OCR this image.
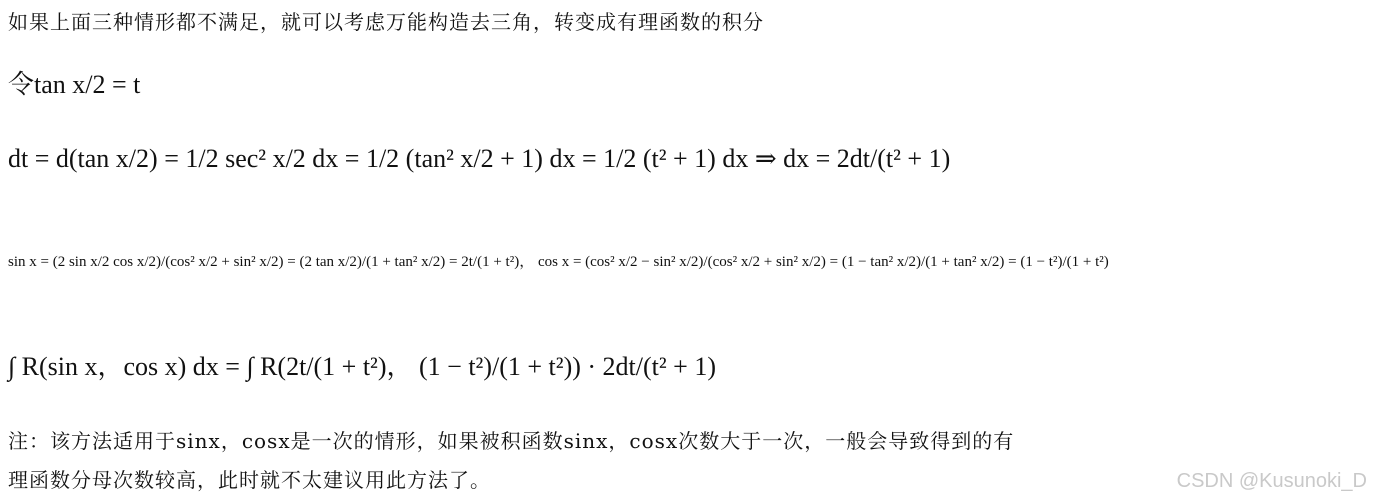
如果上面三种情形都不满足，就可以考虑万能构造去三角，转变成有理函数的积分
令tan x/2 = t
dt = d(tan x/2) = 1/2 sec² x/2 dx = 1/2 (tan² x/2 + 1) dx = 1/2 (t² + 1) dx ⇒ dx = 2dt/(t² + 1)
sin x = (2 sin x/2 cos x/2)/(cos² x/2 + sin² x/2) = (2 tan x/2)/(1 + tan² x/2) = 2t/(1 + t²)， cos x = (cos² x/2 − sin² x/2)/(cos² x/2 + sin² x/2) = (1 − tan² x/2)/(1 + tan² x/2) = (1 − t²)/(1 + t²)
∫ R(sin x，cos x) dx = ∫ R(2t/(1 + t²)， (1 − t²)/(1 + t²)) · 2dt/(t² + 1)
注：该方法适用于sinx，cosx是一次的情形，如果被积函数sinx，cosx次数大于一次，一般会导致得到的有
理函数分母次数较高，此时就不太建议用此方法了。	CSDN @Kusunoki_D
